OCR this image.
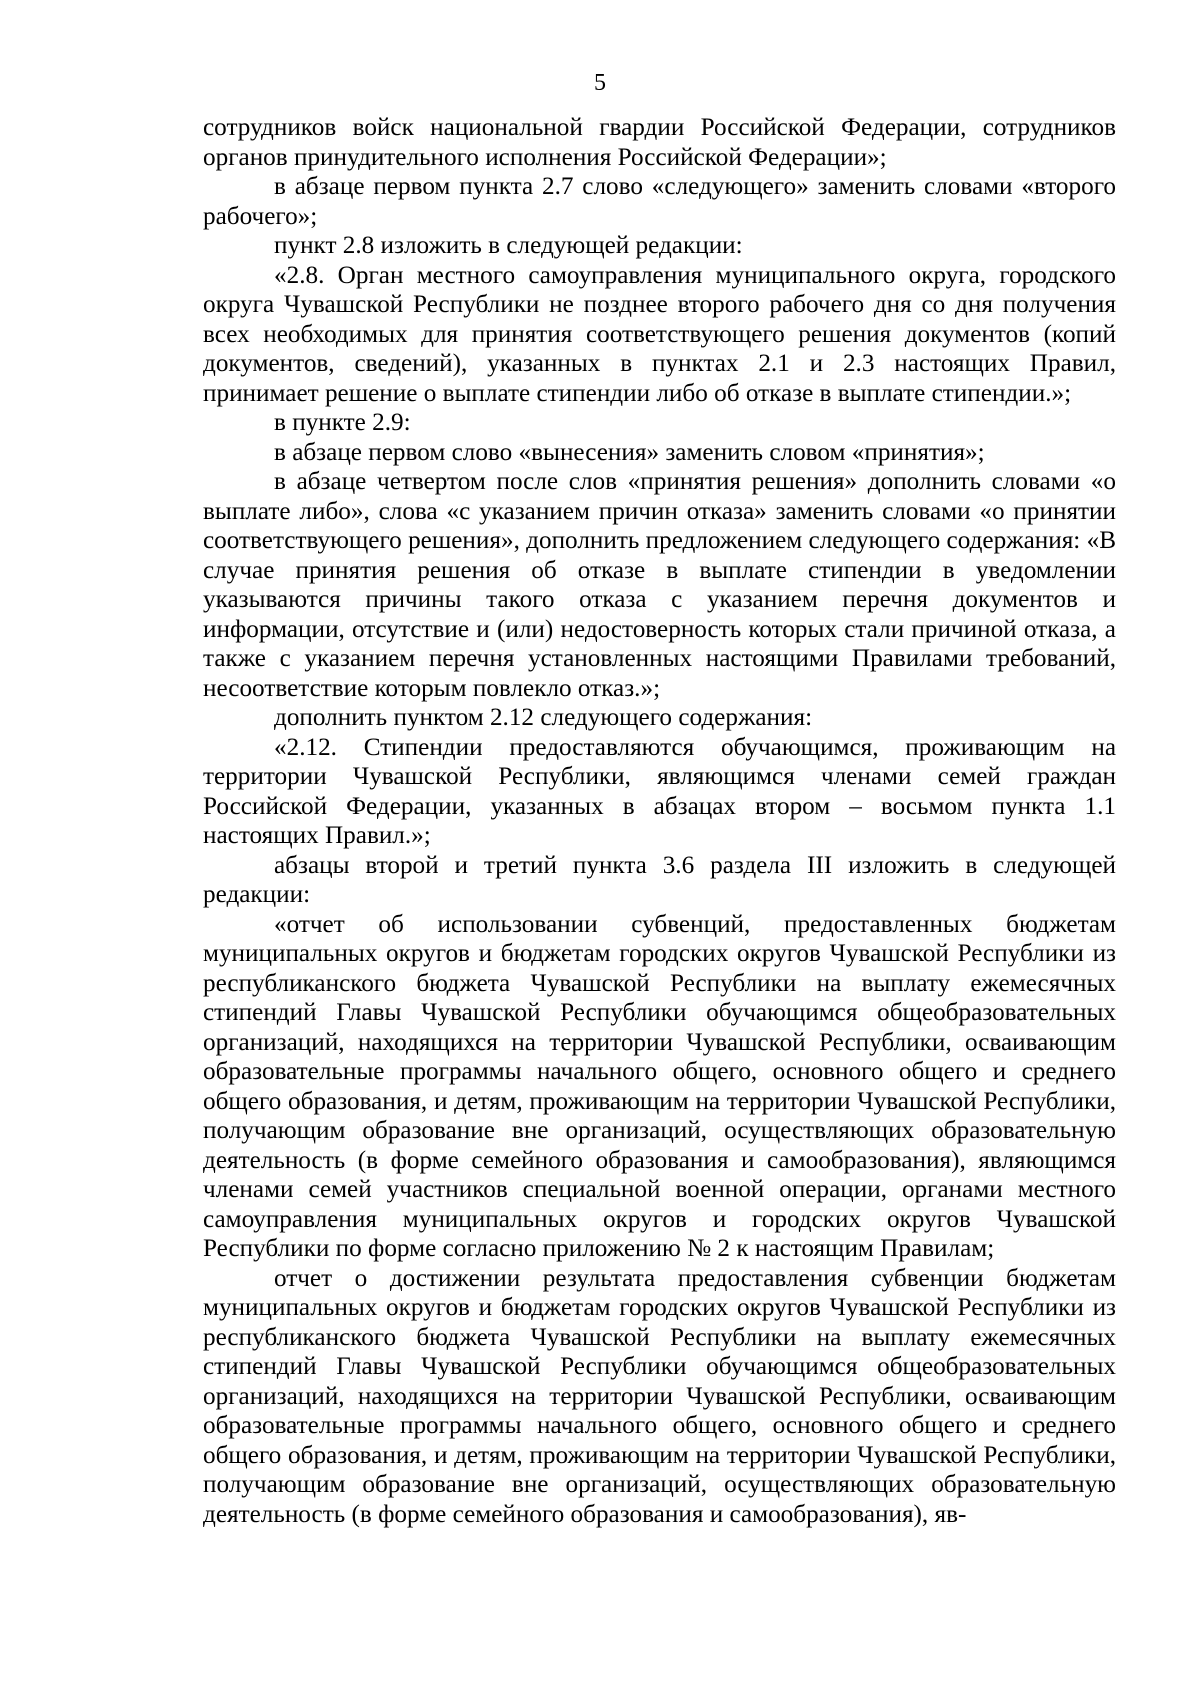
5

сотрудников войск национальной гвардии Российской Федерации, сотрудников органов принудительного исполнения Российской Федерации»;

в абзаце первом пункта 2.7 слово «следующего» заменить словами «второго рабочего»;

пункт 2.8 изложить в следующей редакции:

«2.8. Орган местного самоуправления муниципального округа, городского округа Чувашской Республики не позднее второго рабочего дня со дня получения всех необходимых для принятия соответствующего решения документов (копий документов, сведений), указанных в пунктах 2.1 и 2.3 настоящих Правил, принимает решение о выплате стипендии либо об отказе в выплате стипендии.»;

в пункте 2.9:

в абзаце первом слово «вынесения» заменить словом «принятия»;

в абзаце четвертом после слов «принятия решения» дополнить словами «о выплате либо», слова «с указанием причин отказа» заменить словами «о принятии соответствующего решения», дополнить предложением следующего содержания: «В случае принятия решения об отказе в выплате стипендии в уведомлении указываются причины такого отказа с указанием перечня документов и информации, отсутствие и (или) недостоверность которых стали причиной отказа, а также с указанием перечня установленных настоящими Правилами требований, несоответствие которым повлекло отказ.»;

дополнить пунктом 2.12 следующего содержания:

«2.12. Стипендии предоставляются обучающимся, проживающим на территории Чувашской Республики, являющимся членами семей граждан Российской Федерации, указанных в абзацах втором – восьмом пункта 1.1 настоящих Правил.»;

абзацы второй и третий пункта 3.6 раздела III изложить в следующей редакции:

«отчет об использовании субвенций, предоставленных бюджетам муниципальных округов и бюджетам городских округов Чувашской Республики из республиканского бюджета Чувашской Республики на выплату ежемесячных стипендий Главы Чувашской Республики обучающимся общеобразовательных организаций, находящихся на территории Чувашской Республики, осваивающим образовательные программы начального общего, основного общего и среднего общего образования, и детям, проживающим на территории Чувашской Республики, получающим образование вне организаций, осуществляющих образовательную деятельность (в форме семейного образования и самообразования), являющимся членами семей участников специальной военной операции, органами местного самоуправления муниципальных округов и городских округов Чувашской Республики по форме согласно приложению № 2 к настоящим Правилам;

отчет о достижении результата предоставления субвенции бюджетам муниципальных округов и бюджетам городских округов Чувашской Республики из республиканского бюджета Чувашской Республики на выплату ежемесячных стипендий Главы Чувашской Республики обучающимся общеобразовательных организаций, находящихся на территории Чувашской Республики, осваивающим образовательные программы начального общего, основного общего и среднего общего образования, и детям, проживающим на территории Чувашской Республики, получающим образование вне организаций, осуществляющих образовательную деятельность (в форме семейного образования и самообразования), яв-
